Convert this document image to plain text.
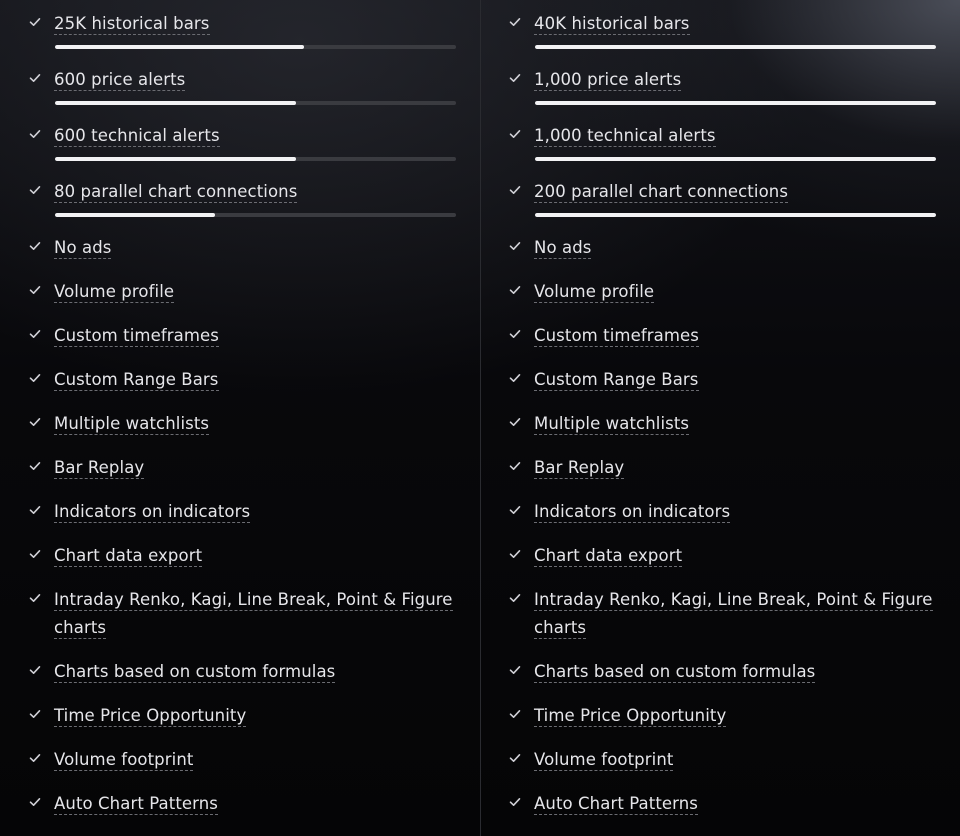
25K historical bars
600 price alerts
600 technical alerts
80 parallel chart connections
No ads
Volume profile
Custom timeframes
Custom Range Bars
Multiple watchlists
Bar Replay
Indicators on indicators
Chart data export
Intraday Renko, Kagi, Line Break, Point & Figure charts
Charts based on custom formulas
Time Price Opportunity
Volume footprint
Auto Chart Patterns
40K historical bars
1,000 price alerts
1,000 technical alerts
200 parallel chart connections
No ads
Volume profile
Custom timeframes
Custom Range Bars
Multiple watchlists
Bar Replay
Indicators on indicators
Chart data export
Intraday Renko, Kagi, Line Break, Point & Figure charts
Charts based on custom formulas
Time Price Opportunity
Volume footprint
Auto Chart Patterns
